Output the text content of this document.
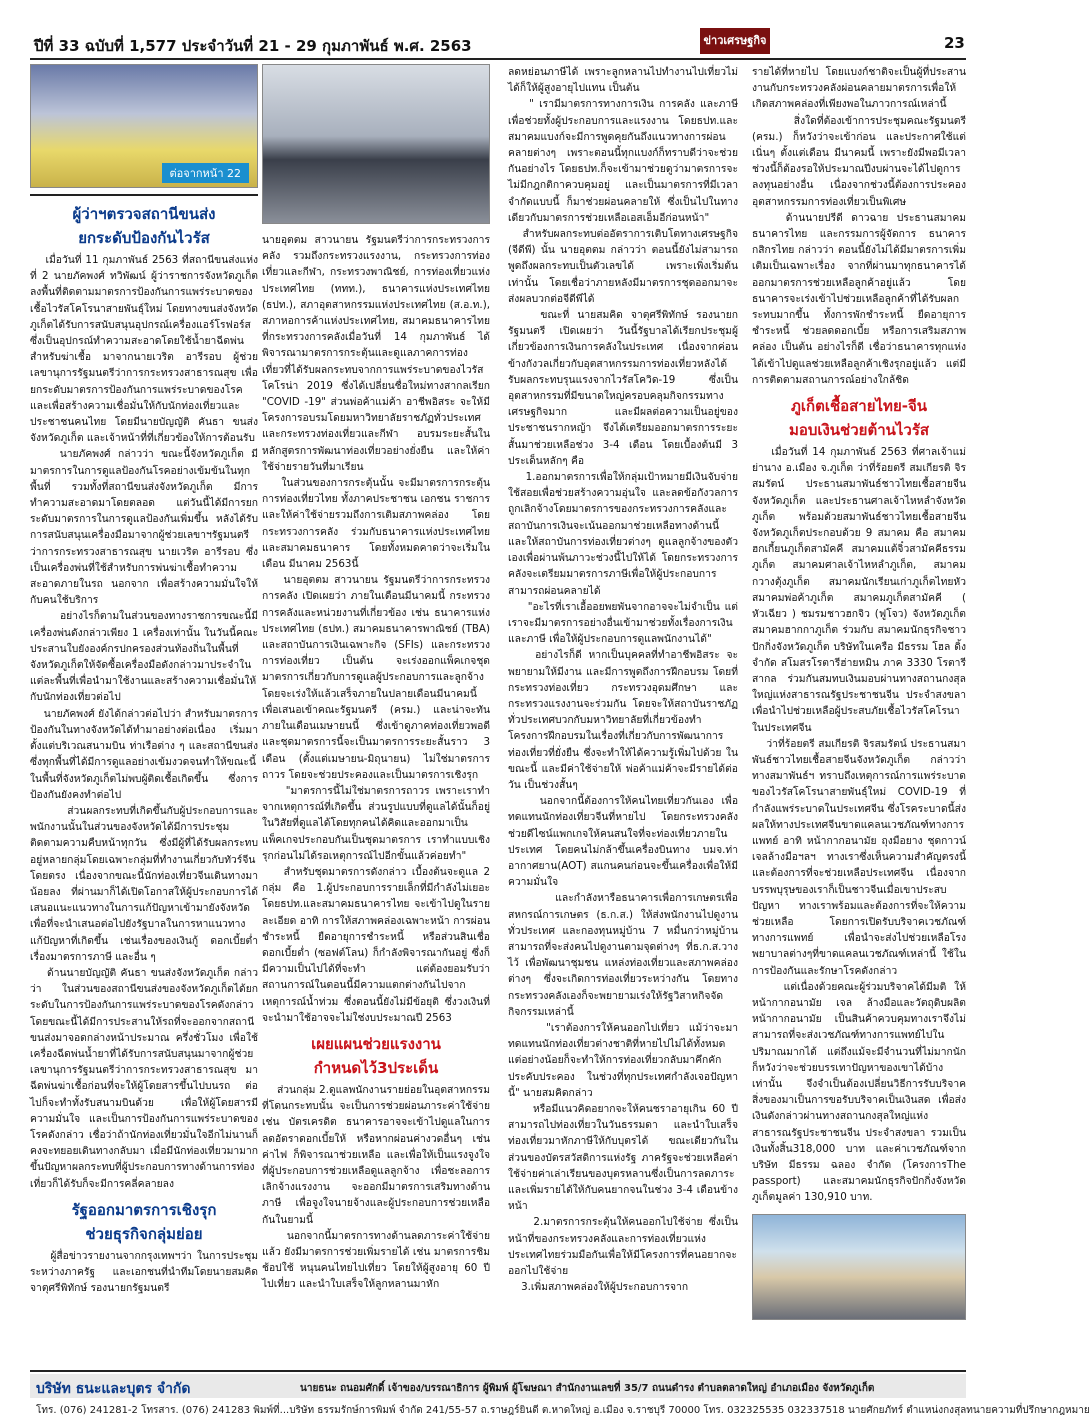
ปีที่ 33 ฉบับที่ 1,577 ประจำวันที่ 21 - 29 กุมภาพันธ์ พ.ศ. 2563	ข่าวเศรษฐกิจ	23
ต่อจากหน้า 22
ผู้ว่าฯตรวจสถานีขนส่ง
ยกระดับป้องกันไวรัส
เมื่อวันที่ 11 กุมภาพันธ์ 2563 ที่สถานีขนส่งแห่งที่ 2 นายภัคพงศ์ ทวิพัฒน์ ผู้ว่าราชการจังหวัดภูเก็ต ลงพื้นที่ติดตามมาตรการป้องกันการแพร่ระบาดของเชื้อไวรัสโคโรนาสายพันธุ์ใหม่ โดยทางขนส่งจังหวัดภูเก็ตได้รับการสนับสนุนอุปกรณ์เครื่องแอร์โรฟอร์ส ซึ่งเป็นอุปกรณ์ทำความสะอาดโดยใช้น้ำยาฉีดพ่นสำหรับฆ่าเชื้อ มาจากนายเวริต อารีรอบ ผู้ช่วยเลขานุการรัฐมนตรีว่าการกระทรวงสาธารณสุข เพื่อยกระดับมาตรการป้องกันการแพร่ระบาดของโรคและเพื่อสร้างความเชื่อมั่นให้กับนักท่องเที่ยวและประชาชนคนไทย โดยมีนายบัญญัติ คันธา ขนส่งจังหวัดภูเก็ต และเจ้าหน้าที่ที่เกี่ยวข้องให้การต้อนรับ
นายภัคพงศ์ กล่าวว่า ขณะนี้จังหวัดภูเก็ต มีมาตรการในการดูแลป้องกันโรคอย่างเข้มข้นในทุกพื้นที่ รวมทั้งที่สถานีขนส่งจังหวัดภูเก็ต มีการทำความสะอาดมาโดยตลอด แต่วันนี้ได้มีการยกระดับมาตรการในการดูแลป้องกันเพิ่มขึ้น หลังได้รับการสนับสนุนเครื่องมือมาจากผู้ช่วยเลขาฯรัฐมนตรีว่าการกระทรวงสาธารณสุข นายเวริต อารีรอบ ซึ่งเป็นเครื่องพ่นที่ใช้สำหรับการพ่นฆ่าเชื้อทำความสะอาดภายในรถ นอกจาก เพื่อสร้างความมั่นใจให้กับคนใช้บริการ
อย่างไรก็ตามในส่วนของทางราชการขณะนี้มีเครื่องพ่นดังกล่าวเพียง 1 เครื่องเท่านั้น ในวันนี้คณะประสานใบยังองค์กรปกครองส่วนท้องถิ่นในพื้นที่จังหวัดภูเก็ตให้จัดซื้อเครื่องมือดังกล่าวมาประจำในแต่ละพื้นที่เพื่อนำมาใช้งานและสร้างความเชื่อมั่นให้กับนักท่องเที่ยวต่อไป
นายภัคพงศ์ ยังได้กล่าวต่อไปว่า สำหรับมาตรการป้องกันในทางจังหวัดได้ทำมาอย่างต่อเนื่อง เริ่มมาตั้งแต่บริเวณสนามบิน ท่าเรือต่าง ๆ และสถานีขนส่ง ซึ่งทุกพื้นที่ได้มีการดูแลอย่างเข้มงวดจนทำให้ขณะนี้ในพื้นที่จังหวัดภูเก็ตไม่พบผู้ติดเชื้อเกิดขึ้น ซึ่งการป้องกันยังคงทำต่อไป
ส่วนผลกระทบที่เกิดขึ้นกับผู้ประกอบการและพนักงานนั้นในส่วนของจังหวัดได้มีการประชุมติดตามความคืบหน้าทุกวัน ซึ่งมีผู้ที่ได้รับผลกระทบอยู่หลายกลุ่มโดยเฉพาะกลุ่มที่ทำงานเกี่ยวกับทัวร์จีนโดยตรง เนื่องจากขณะนี้นักท่องเที่ยวจีนเดินทางมาน้อยลง ที่ผ่านมาก็ได้เปิดโอกาสให้ผู้ประกอบการได้เสนอแนะแนวทางในการแก้ปัญหาเข้ามายังจังหวัด เพื่อที่จะนำเสนอต่อไปยังรัฐบาลในการหาแนวทางแก้ปัญหาที่เกิดขึ้น เช่นเรื่องของเงินกู้ ดอกเบี้ยต่ำ เรื่องมาตรการภาษี และอื่น ๆ
ด้านนายบัญญัติ คันธา ขนส่งจังหวัดภูเก็ต กล่าวว่า ในส่วนของสถานีขนส่งของจังหวัดภูเก็ตได้ยกระดับในการป้องกันการแพร่ระบาดของโรคดังกล่าวโดยขณะนี้ได้มีการประสานให้รถที่จะออกจากสถานีขนส่งมาจอดกล่างหน้าประมาณ ครึ่งชั่วโมง เพื่อใช้เครื่องฉีดพ่นน้ำยาที่ได้รับการสนับสนุนมาจากผู้ช่วยเลขานุการรัฐมนตรีว่าการกระทรวงสาธารณสุข มาฉีดพ่นฆ่าเชื้อก่อนที่จะให้ผู้โดยสารขึ้นไปบนรถ ต่อไปก็จะทำทั้งรับสนามบินด้วย เพื่อให้ผู้โดยสารมีความมั่นใจ และเป็นการป้องกันการแพร่ระบาดของโรคดังกล่าว เชื่อว่าถ้านักท่องเที่ยวมั่นใจอีกไม่นานก็คงจะทยอยเดินทางกลับมา เมื่อมีนักท่องเที่ยวมามากขึ้นปัญหาผลกระทบที่ผู้ประกอบการทางด้านการท่องเที่ยวก็ได้รับก็จะมีการคลี่คลายลง
รัฐออกมาตรการเชิงรุก
ช่วยธุรกิจกลุ่มย่อย
ผู้สื่อข่าวรายงานจากกรุงเทพฯว่า ในการประชุมระหว่างภาครัฐ และเอกชนที่นำทีมโดยนายสมคิด จาตุศรีพิทักษ์ รองนายกรัฐมนตรี
นายอุตตม สาวนายน รัฐมนตรีว่าการกระทรวงการคลัง รวมถึงกระทรวงแรงงาน, กระทรวงการท่องเที่ยวและกีฬา, กระทรวงพาณิชย์, การท่องเที่ยวแห่งประเทศไทย (ททท.), ธนาคารแห่งประเทศไทย (ธปท.), สภาอุตสาหกรรมแห่งประเทศไทย (ส.อ.ท.), สภาหอการค้าแห่งประเทศไทย, สมาคมธนาคารไทย ที่กระทรวงการคลังเมื่อวันที่ 14 กุมภาพันธ์ ได้พิจารณามาตรการกระตุ้นและดูแลภาคการท่องเที่ยวที่ได้รับผลกระทบจากการแพร่ระบาดของไวรัสโคโรน่า 2019 ซึ่งได้เปลี่ยนชื่อใหม่ทางสากลเรียก "COVID -19" ส่วนพ่อค้าแม่ค้า อาชีพอิสระ จะให้มีโครงการอบรมโดยมหาวิทยาลัยราชภัฏทั่วประเทศ และกระทรวงท่องเที่ยวและกีฬา อบรมระยะสั้นในหลักสูตรการพัฒนาท่องเที่ยวอย่างยั่งยืน และให้ค่าใช้จ่ายรายวันที่มาเรียน
ในส่วนของการกระตุ้นนั้น จะมีมาตรการกระตุ้นการท่องเที่ยวไทย ทั้งภาคประชาชน เอกชน ราชการ และให้ค่าใช้จ่ายรวมถึงการเติมสภาพคล่อง โดยกระทรวงการคลัง ร่วมกับธนาคารแห่งประเทศไทย และสมาคมธนาคาร โดยทั้งหมดคาดว่าจะเริ่มในเดือน มีนาคม 2563นี้
นายอุตตม สาวนายน รัฐมนตรีว่าการกระทรวงการคลัง เปิดเผยว่า ภายในเดือนมีนาคมนี้ กระทรวงการคลังและหน่วยงานที่เกี่ยวข้อง เช่น ธนาคารแห่งประเทศไทย (ธปท.) สมาคมธนาคารพาณิชย์ (TBA) และสถาบันการเงินเฉพาะกิจ (SFIs) และกระทรวงการท่องเที่ยว เป็นต้น จะเร่งออกแพ็คเกจชุดมาตรการเกี่ยวกับการดูแลผู้ประกอบการและลูกจ้างโดยจะเร่งให้แล้วเสร็จภายในปลายเดือนมีนาคมนี้เพื่อเสนอเข้าคณะรัฐมนตรี (ครม.) และน่าจะทันภายในเดือนเมษายนนี้ ซึ่งเข้าดูภาคท่องเที่ยวพอดี และชุดมาตรการนี้จะเป็นมาตรการระยะสั้นราว 3 เดือน (ตั้งแต่เมษายน-มิถุนายน) ไม่ใช่มาตรการถาวร โดยจะช่วยประคองและเป็นมาตรการเชิงรุก
"มาตรการนี้ไม่ใช่มาตรการถาวร เพราะเราทำจากเหตุการณ์ที่เกิดขึ้น ส่วนรูปแบบที่ดูแลได้นั้นก็อยู่ในวิสัยที่ดูแลได้โดยทุกคนได้คิดและออกมาเป็นแพ็คเกจประกอบกันเป็นชุดมาตรการ เราทำแบบเชิงรุกก่อนไม่ได้รอเหตุการณ์ไปอีกขั้นแล้วค่อยทำ"
สำหรับชุดมาตรการดังกล่าว เบื้องต้นจะดูแล 2 กลุ่ม คือ 1.ผู้ประกอบการรายเล็กที่มีกำลังไม่เยอะ โดยธปท.และสมาคมธนาคารไทย จะเข้าไปดูในรายละเอียด อาทิ การให้สภาพคล่องเฉพาะหน้า การผ่อนชำระหนี้ ยืดอายุการชำระหนี้ หรือส่วนสินเชื่อดอกเบี้ยต่ำ (ซอฟต์โลน) ก็กำลังพิจารณากันอยู่ ซึ่งก็มีความเป็นไปได้ที่จะทำ แต่ต้องยอมรับว่าสถานการณ์ในตอนนี้มีความแตกต่างกันไปจากเหตุการณ์น้ำท่วม ซึ่งตอนนี้ยังไม่มีข้อยุติ ซึ่งวงเงินที่จะนำมาใช้อาจจะไม่ใช่งบประมาณปี 2563
เผยแผนช่วยแรงงาน
กำหนดไว้3ประเด็น
ส่วนกลุ่ม 2.ดูแลพนักงานรายย่อยในอุตสาหกรรมที่โดนกระทบนั้น จะเป็นการช่วยผ่อนภาระค่าใช้จ่าย เช่น บัตรเครดิต ธนาคารอาจจะเข้าไปดูแลในการลดอัตราดอกเบี้ยให้ หรือหากผ่อนค่างวดอื่นๆ เช่น ค่าไฟ ก็พิจารณาช่วยเหลือ และเพื่อให้เป็นแรงจูงใจที่ผู้ประกอบการช่วยเหลือดูแลลูกจ้าง เพื่อชะลอการเลิกจ้างแรงงาน จะออกมีมาตรการเสริมทางด้านภาษี เพื่อจูงใจนายจ้างและผู้ประกอบการช่วยเหลือกันในยามนี้
นอกจากนี้มาตรการทางด้านลดภาระค่าใช้จ่ายแล้ว ยังมีมาตรการช่วยเพิ่มรายได้ เช่น มาตรการชิมช้อปใช้ หนุนคนไทยไปเที่ยว โดยให้ผู้สูงอายุ 60 ปีไปเที่ยว และนำใบเสร็จให้ลูกหลานมาหัก
ลดหย่อนภาษีได้ เพราะลูกหลานไปทำงานไปเที่ยวไม่ได้ก็ให้ผู้สูงอายุไปแทน เป็นต้น
" เรามีมาตรการทางการเงิน การคลัง และภาษี เพื่อช่วยทั้งผู้ประกอบการและแรงงาน โดยธปท.และสมาคมแบงก์จะมีการพูดคุยกันถึงแนวทางการผ่อนคลายต่างๆ เพราะตอนนี้ทุกแบงก์ก็ทราบดีว่าจะช่วยกันอย่างไร โดยธปท.ก็จะเข้ามาช่วยดูว่ามาตรการจะไม่มีกฎกติกาควบคุมอยู่ และเป็นมาตรการที่มีเวลาจำกัดแบบนี้ ก็มาช่วยผ่อนคลายให้ ซึ่งเป็นไปในทางเดียวกับมาตรการช่วยเหลือเอสเอ็มอีก่อนหน้า"
สำหรับผลกระทบต่ออัตราการเติบโตทางเศรษฐกิจ (จีดีพี) นั้น นายอุตตม กล่าวว่า ตอนนี้ยังไม่สามารถพูดถึงผลกระทบเป็นตัวเลขได้ เพราะเพิ่งเริ่มต้นเท่านั้น โดยเชื่อว่าภายหลังมีมาตรการชุดออกมาจะส่งผลบวกต่อจีดีพีได้
ขณะที่ นายสมคิด จาตุศรีพิทักษ์ รองนายกรัฐมนตรี เปิดเผยว่า วันนี้รัฐบาลได้เรียกประชุมผู้เกี่ยวข้องการเงินการคลังในประเทศ เนื่องจากค่อนข้างกังวลเกี่ยวกับอุตสาหกรรมการท่องเที่ยวหลังได้รับผลกระทบรุนแรงจากไวรัสโควิด-19 ซึ่งเป็นอุตสาหกรรมที่มีขนาดใหญ่ครอบคลุมกิจกรรมทางเศรษฐกิจมาก และมีผลต่อความเป็นอยู่ของประชาชนรากหญ้า จึงได้เตรียมออกมาตรการระยะสั้นมาช่วยเหลือช่วง 3-4 เดือน โดยเบื้องต้นมี 3 ประเด็นหลักๆ คือ
1.ออกมาตรการเพื่อให้กลุ่มเป้าหมายมีเงินจับจ่ายใช้สอยเพื่อช่วยสร้างความอุ่นใจ และลดข้อกังวลการถูกเลิกจ้างโดยมาตรการของกระทรวงการคลังและสถาบันการเงินจะเน้นออกมาช่วยเหลือทางด้านนี้ และให้สถาบันการท่องเที่ยวต่างๆ ดูแลลูกจ้างของตัวเองเพื่อผ่านพ้นภาวะช่วงนี้ไปให้ได้ โดยกระทรวงการคลังจะเตรียมมาตรการภาษีเพื่อให้ผู้ประกอบการสามารถผ่อนคลายได้
"อะไรที่เราเอื้ออยพยพันจากอาจจะไม่จำเป็น แต่เราจะมีมาตรการอย่างอื่นเข้ามาช่วยทั้งเรื่องการเงินและภาษี เพื่อให้ผู้ประกอบการดูแลพนักงานได้"
อย่างไรก็ดี หากเป็นบุคคลที่ทำอาชีพอิสระ จะพยายามให้มีงาน และมีการพูดถึงการฝึกอบรม โดยที่กระทรวงท่องเที่ยว กระทรวงอุดมศึกษา และกระทรวงแรงงานจะร่วมกัน โดยจะให้สถาบันราชภัฏทั่วประเทศบวกกับมหาวิทยาลัยที่เกี่ยวข้องทำโครงการฝึกอบรมในเรื่องที่เกี่ยวกับการพัฒนาการท่องเที่ยวที่ยั่งยืน ซึ่งจะทำให้ได้ความรู้เพิ่มไปด้วย ในขณะนี้ และมีค่าใช้จ่ายให้ พ่อค้าแม่ค้าจะมีรายได้ต่อวัน เป็นช่วงสั้นๆ
นอกจากนี้ต้องการให้คนไทยเที่ยวกันเอง เพื่อทดแทนนักท่องเที่ยวจีนที่หายไป โดยกระทรวงคลังช่วยดีไซน์แพกเกจให้คนสนใจที่จะท่องเที่ยวภายในประเทศ โดยคนไม่กล้าขึ้นเครื่องบินทาง บมจ.ท่าอากาศยาน(AOT) สแกนคนก่อนจะขึ้นเครื่องเพื่อให้มีความมั่นใจ
และกำลังหารือธนาคารเพื่อการเกษตรเพื่อสหกรณ์การเกษตร (ธ.ก.ส.) ให้ส่งพนักงานไปดูงานทั่วประเทศ และกองทุนหมู่บ้าน 7 หมื่นกว่าหมู่บ้านสามารถที่จะส่งคนไปดูงานตามจุดต่างๆ ที่ธ.ก.ส.วางไว้ เพื่อพัฒนาชุมชน แหล่งท่องเที่ยวและสภาพคล่องต่างๆ ซึ่งจะเกิดการท่องเที่ยวระหว่างกัน โดยทางกระทรวงคลังเองก็จะพยายามเร่งให้รัฐวิสาหกิจจัดกิจกรรมเหล่านี้
"เราต้องการให้คนออกไปเที่ยว แม้ว่าจะมาทดแทนนักท่องเที่ยวต่างชาติที่หายไปไม่ได้ทั้งหมด แต่อย่างน้อยก็จะทำให้การท่องเที่ยวกลับมาคึกคัก ประคับประคอง ในช่วงที่ทุกประเทศกำลังเจอปัญหานี้" นายสมคิดกล่าว
หรือมีแนวคิดอยากจะให้คนชราอายุเกิน 60 ปี สามารถไปท่องเที่ยวในวันธรรมดา และนำใบเสร็จท่องเที่ยวมาหักภาษีให้กับบุตรได้ ขณะเดียวกันในส่วนของบัตรสวัสดิการแห่งรัฐ ภาครัฐจะช่วยเหลือค่าใช้จ่ายค่าเล่าเรียนของบุตรหลานซึ่งเป็นการลดภาระและเพิ่มรายได้ให้กับคนยากจนในช่วง 3-4 เดือนข้างหน้า
2.มาตรการกระตุ้นให้คนออกไปใช้จ่าย ซึ่งเป็นหน้าที่ของกระทรวงคลังและการท่องเที่ยวแห่งประเทศไทยร่วมมือกันเพื่อให้มีโครงการที่คนอยากจะออกไปใช้จ่าย
3.เพิ่มสภาพคล่องให้ผู้ประกอบการจาก
รายได้ที่หายไป โดยแบงก์ชาติจะเป็นผู้ที่ประสานงานกับกระทรวงคลังผ่อนคลายมาตรการเพื่อให้เกิดสภาพคล่องที่เพียงพอในภาวการณ์เหล่านี้
สิ่งใดที่ต้องเข้าการประชุมคณะรัฐมนตรี (ครม.) ก็หวังว่าจะเข้าก่อน และประกาศใช้แต่เนิ่นๆ ตั้งแต่เดือน มีนาคมนี้ เพราะยังมีพอมีเวลา ช่วงนี้ก็ต้องรอให้ประมาณปีงบผ่านจะได้ไปดูการลงทุนอย่างอื่น เนื่องจากช่วงนี้ต้องการประคองอุตสาหกรรมการท่องเที่ยวเป็นพิเศษ
ด้านนายปรีดี ดาวฉาย ประธานสมาคมธนาคารไทย และกรรมการผู้จัดการ ธนาคารกสิกรไทย กล่าวว่า ตอนนี้ยังไม่ได้มีมาตรการเพิ่มเติมเป็นเฉพาะเรื่อง จากที่ผ่านมาทุกธนาคารได้ออกมาตรการช่วยเหลือลูกค้าอยู่แล้ว โดยธนาคารจะเร่งเข้าไปช่วยเหลือลูกค้าที่ได้รับผลกระทบมากขึ้น ทั้งการพักชำระหนี้ ยืดอายุการชำระหนี้ ช่วยลดดอกเบี้ย หรือการเสริมสภาพคล่อง เป็นต้น อย่างไรก็ดี เชื่อว่าธนาคารทุกแห่งได้เข้าไปดูแลช่วยเหลือลูกค้าเชิงรุกอยู่แล้ว แต่มีการติดตามสถานการณ์อย่างใกล้ชิด
ภูเก็ตเชื้อสายไทย-จีน
มอบเงินช่วยต้านไวรัส
เมื่อวันที่ 14 กุมภาพันธ์ 2563 ที่ศาลเจ้าแม่ย่านาง อ.เมือง จ.ภูเก็ต ว่าที่ร้อยตรี สมเกียรติ จิรสมรัตน์ ประธานสมาพันธ์ชาวไทยเชื้อสายจีนจังหวัดภูเก็ต และประธานศาลเจ้าไหหลำจังหวัดภูเก็ต พร้อมด้วยสมาพันธ์ชาวไทยเชื้อสายจีนจังหวัดภูเก็ตประกอบด้วย 9 สมาคม คือ สมาคมฮกเกี้ยนภูเก็ตสามัคคี สมาคมแต้จิ๋วสามัคคีธรรมภูเก็ต สมาคมศาลเจ้าไหหลำภูเก็ต, สมาคมกวางตุ้งภูเก็ต สมาคมนักเรียนเก่าภูเก็ตไทยหัว สมาคมพ่อค้าภูเก็ต สมาคมภูเก็ตสามัคคี ( หัวเฉียว ) ชมรมชาวฮกจิว (ฟูโจว) จังหวัดภูเก็ต สมาคมฮากกาภูเก็ต ร่วมกับ สมาคมนักธุรกิจชาวปักกิ่งจังหวัดภูเก็ต บริษัทในเครือ มีธรรม โฮล ดิ้ง จำกัด สโมสรโรตารีฮ่ายหมิน ภาค 3330 โรตารีสากล ร่วมกันสมทบเงินมอบผ่านทางสถานกงสุลใหญ่แห่งสาธารณรัฐประชาชนจีน ประจำสงขลา เพื่อนำไปช่วยเหลือผู้ประสบภัยเชื้อไวรัสโคโรนาในประเทศจีน
ว่าที่ร้อยตรี สมเกียรติ จิรสมรัตน์ ประธานสมาพันธ์ชาวไทยเชื้อสายจีนจังหวัดภูเก็ต กล่าวว่า ทางสมาพันธ์ฯ ทราบถึงเหตุการณ์การแพร่ระบาด ของไวรัสโคโรนาสายพันธุ์ใหม่ COVID-19 ที่กำลังแพร่ระบาดในประเทศจีน ซึ่งโรคระบาดนี้ส่งผลให้ทางประเทศจีนขาดแคลนเวชภัณฑ์ทางการแพทย์ อาทิ หน้ากากอนามัย ถุงมือยาง ชุดกาวน์ เจลล้างมือฯลฯ ทางเราซึ่งเห็นความสำคัญตรงนี้ และต้องการที่จะช่วยเหลือประเทศจีน เนื่องจากบรรพบุรุษของเราก็เป็นชาวจีนเมื่อเขาประสบปัญหา ทางเราพร้อมและต้องการที่จะให้ความช่วยเหลือ โดยการเปิดรับบริจาคเวชภัณฑ์ทางการแพทย์ เพื่อนำจะส่งไปช่วยเหลือโรงพยาบาลต่างๆที่ขาดแคลนเวชภัณฑ์เหล่านี้ ใช้ในการป้องกันและรักษาโรคดังกล่าว
แต่เนื่องด้วยคณะผู้ร่วมบริจาคได้มีมติ ให้หน้ากากอนามัย เจล ล้างมือและวัตถุดิบผลิตหน้ากากอนามัย เป็นสินค้าควบคุมทางเราจึงไม่สามารถที่จะส่งเวชภัณฑ์ทางการแพทย์ไปในปริมาณมากได้ แต่ถึงแม้จะมีจำนวนที่ไม่มากนัก ก็หวังว่าจะช่วยบรรเทาปัญหาของเขาได้บ้าง เท่านั้น จึงจำเป็นต้องเปลี่ยนวิธีการรับบริจาคสิ่งของมาเป็นการขอรับบริจาคเป็นเงินสด เพื่อส่งเงินดังกล่าวผ่านทางสถานกงสุลใหญ่แห่งสาธารณรัฐประชาชนจีน ประจำสงขลา รวมเป็นเงินทั้งสิ้น318,000 บาท และค่าเวชภัณฑ์จาก บริษัท มีธรรม ฉลอง จำกัด (โครงการThe passport) และสมาคมนักธุรกิจปักกิ่งจังหวัดภูเก็ตมูลค่า 130,910 บาท.
บริษัท ธนะและบุตร จำกัด	นายธนะ ถนอมศักดิ์ เจ้าของ/บรรณาธิการ ผู้พิมพ์ ผู้โฆษณา สำนักงานเลขที่ 35/7 ถนนดำรง ตำบลตลาดใหญ่ อำเภอเมือง จังหวัดภูเก็ต
โทร. (076) 241281-2 โทรสาร. (076) 241283 พิมพ์ที่...บริษัท ธรรมรักษ์การพิมพ์ จำกัด 241/55-57 ถ.ราษฎร์ยินดี ต.หาดใหญ่ อ.เมือง จ.ราชบุรี 70000 โทร. 032325535 032337518 นายศักยภัทร์ ตำแหน่งกงสุลทนายความที่ปรึกษากฎหมาย
